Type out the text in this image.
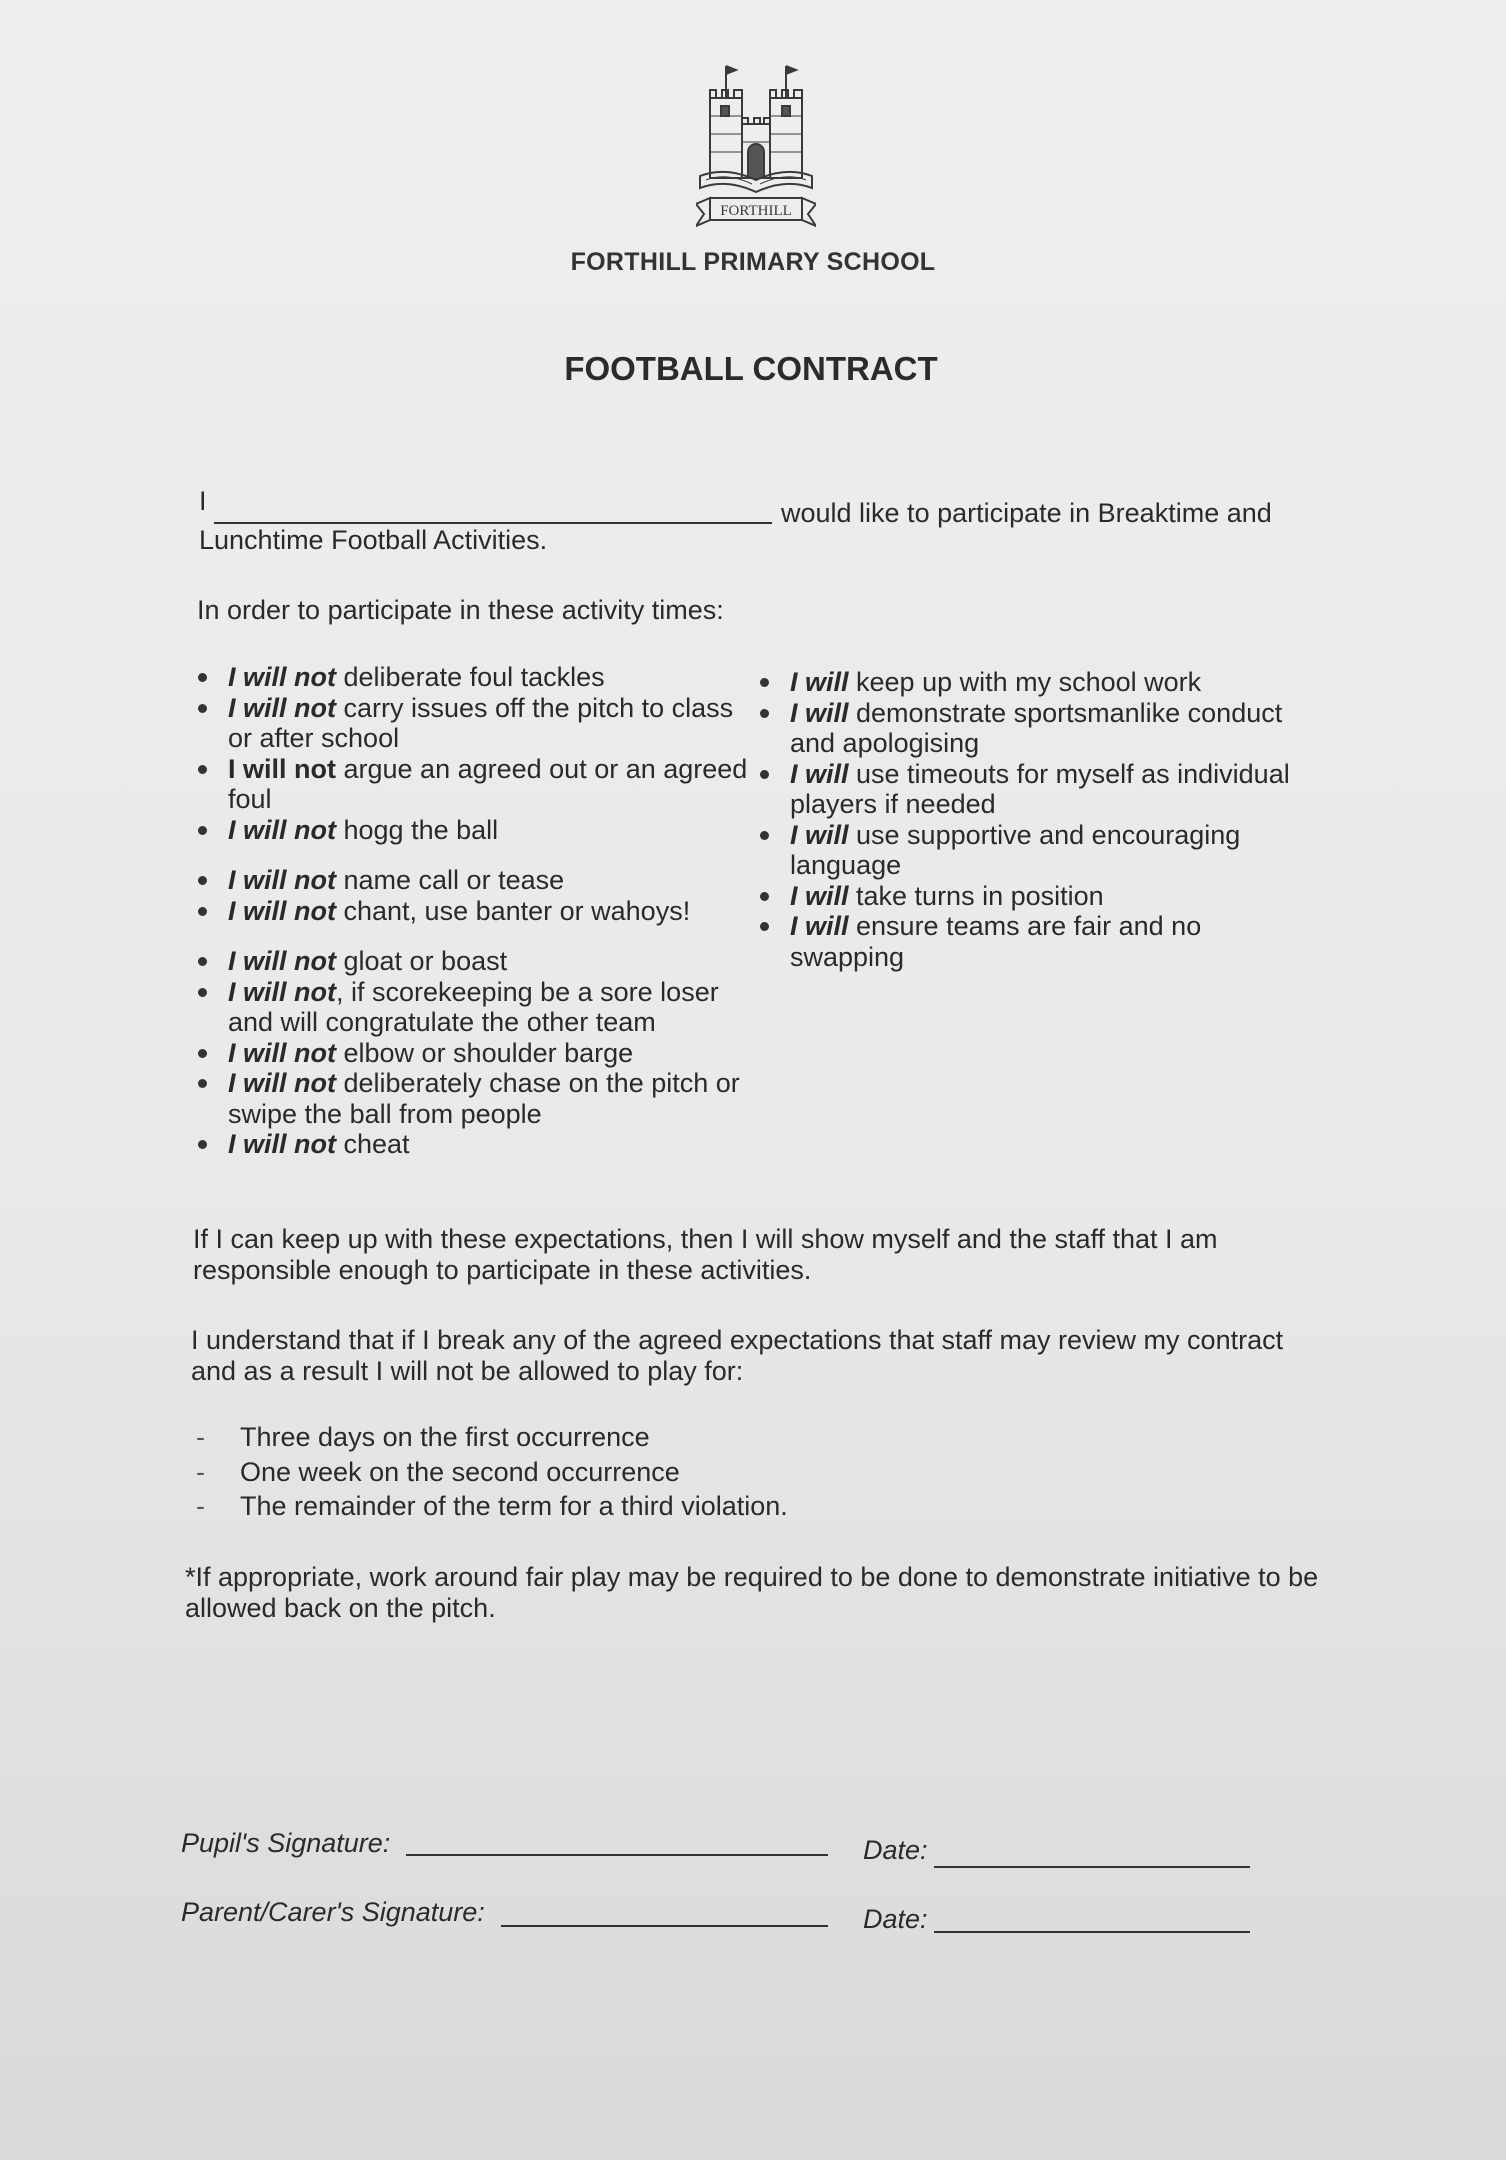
FORTHILL
FORTHILL PRIMARY SCHOOL
FOOTBALL CONTRACT
I	would like to participate in Breaktime and
Lunchtime Football Activities.
In order to participate in these activity times:
I will not deliberate foul tackles
I will not carry issues off the pitch to class or after school
I will not argue an agreed out or an agreed foul
I will not hogg the ball
I will not name call or tease
I will not chant, use banter or wahoys!
I will not gloat or boast
I will not, if scorekeeping be a sore loser and will congratulate the other team
I will not elbow or shoulder barge
I will not deliberately chase on the pitch or swipe the ball from people
I will not cheat
I will keep up with my school work
I will demonstrate sportsmanlike conduct and apologising
I will use timeouts for myself as individual players if needed
I will use supportive and encouraging language
I will take turns in position
I will ensure teams are fair and no swapping
If I can keep up with these expectations, then I will show myself and the staff that I am responsible enough to participate in these activities.
I understand that if I break any of the agreed expectations that staff may review my contract and as a result I will not be allowed to play for:
- Three days on the first occurrence
- One week on the second occurrence
- The remainder of the term for a third violation.
*If appropriate, work around fair play may be required to be done to demonstrate initiative to be allowed back on the pitch.
Pupil's Signature:	Date:
Parent/Carer's Signature:	Date:
